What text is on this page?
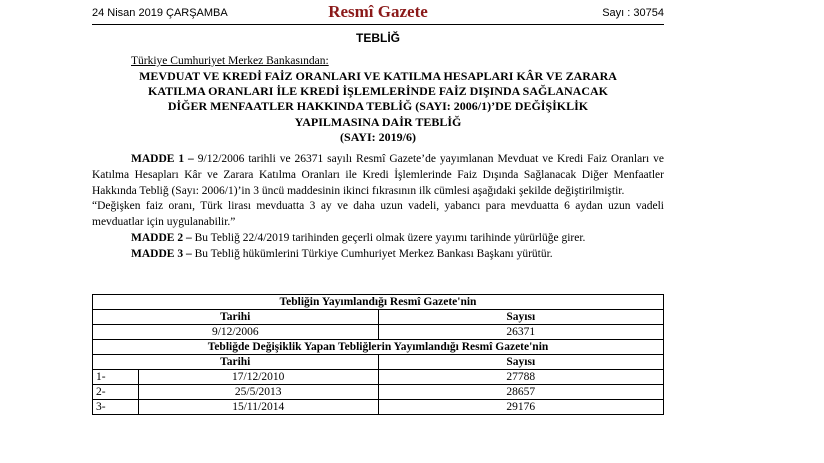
24 Nisan 2019 ÇARŞAMBA	Resmî Gazete	Sayı : 30754
TEBLİĞ
Türkiye Cumhuriyet Merkez Bankasından:
MEVDUAT VE KREDİ FAİZ ORANLARI VE KATILMA HESAPLARI KÂR VE ZARARA
KATILMA ORANLARI İLE KREDİ İŞLEMLERİNDE FAİZ DIŞINDA SAĞLANACAK
DİĞER MENFAATLER HAKKINDA TEBLİĞ (SAYI: 2006/1)’DE DEĞİŞİKLİK
YAPILMASINA DAİR TEBLİĞ
(SAYI: 2019/6)

MADDE 1 – 9/12/2006 tarihli ve 26371 sayılı Resmî Gazete’de yayımlanan Mevduat ve Kredi Faiz Oranları ve Katılma Hesapları Kâr ve Zarara Katılma Oranları ile Kredi İşlemlerinde Faiz Dışında Sağlanacak Diğer Menfaatler Hakkında Tebliğ (Sayı: 2006/1)’in 3 üncü maddesinin ikinci fıkrasının ilk cümlesi aşağıdaki şekilde değiştirilmiştir.

“Değişken faiz oranı, Türk lirası mevduatta 3 ay ve daha uzun vadeli, yabancı para mevduatta 6 aydan uzun vadeli mevduatlar için uygulanabilir.”

MADDE 2 – Bu Tebliğ 22/4/2019 tarihinden geçerli olmak üzere yayımı tarihinde yürürlüğe girer.

MADDE 3 – Bu Tebliğ hükümlerini Türkiye Cumhuriyet Merkez Bankası Başkanı yürütür.

Tebliğin Yayımlandığı Resmî Gazete'nin		
Tarihi		Sayısı
9/12/2006		26371
Tebliğde Değişiklik Yapan Tebliğlerin Yayımlandığı Resmî Gazete'nin		
Tarihi		Sayısı
1-	17/12/2010	27788
2-	25/5/2013	28657
3-	15/11/2014	29176
